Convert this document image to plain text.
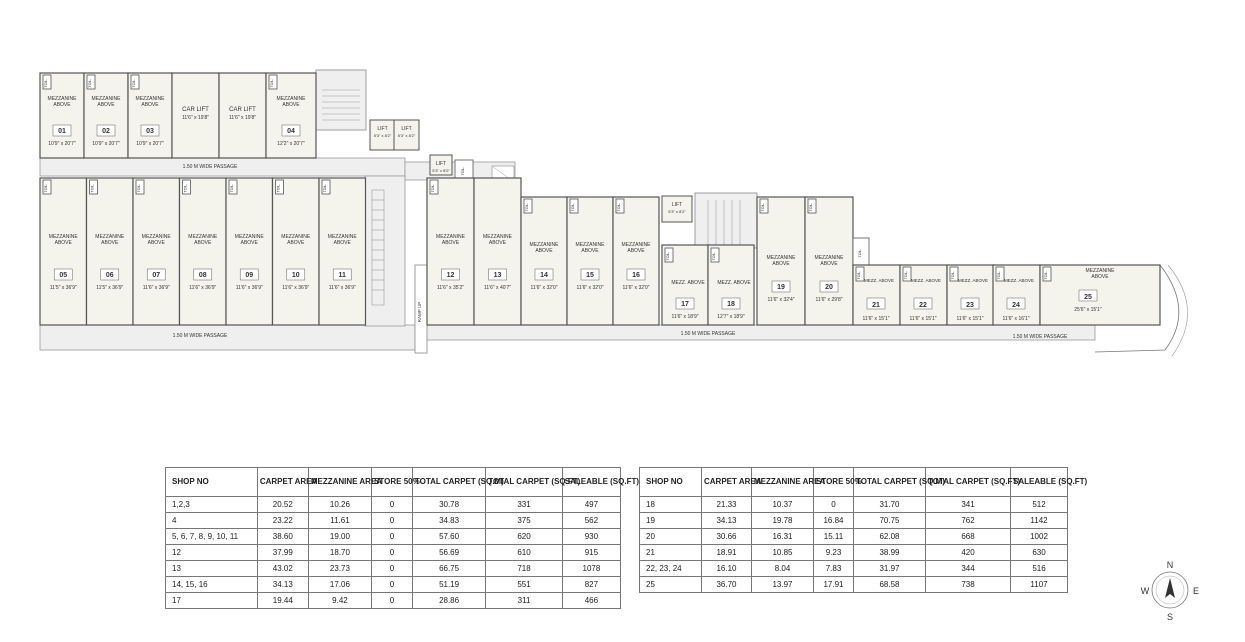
TOIL.	TOIL.	TOIL.	TOIL.
TOIL.
TOIL.	TOIL.	TOIL.	TOIL.	TOIL.	TOIL.	TOIL.	TOIL.
TOIL.	TOIL.	TOIL.
TOIL.	TOIL.
TOIL.	TOIL.
TOIL.
TOIL.	TOIL.	TOIL.	TOIL.	TOIL.
MEZZANINE ABOVE
01
10'9" x 20'7"
MEZZANINE ABOVE
02
10'9" x 20'7"
MEZZANINE ABOVE
03
10'9" x 20'7"
CAR LIFT
11'6" x 19'8"
CAR LIFT
11'6" x 19'8"
MEZZANINE ABOVE
04
12'2" x 20'7"
LIFT
5'3" x 8'2"
LIFT
5'3" x 8'2"
LIFT
5'3" x 8'0"
LIFT
5'3" x 8'2"
MEZZANINE ABOVE
05
11'5" x 36'9"
MEZZANINE ABOVE
06
11'5" x 36'9"
MEZZANINE ABOVE
07
11'6" x 36'9"
MEZZANINE ABOVE
08
11'6" x 36'9"
MEZZANINE ABOVE
09
11'6" x 36'9"
MEZZANINE ABOVE
10
11'6" x 36'9"
MEZZANINE ABOVE
11
11'6" x 36'9"
MEZZANINE ABOVE
12
11'6" x 35'2"
MEZZANINE ABOVE
13
11'6" x 40'7"
MEZZANINE ABOVE
14
11'6" x 32'0"
MEZZANINE ABOVE
15
11'6" x 32'0"
MEZZANINE ABOVE
16
11'6" x 32'0"
MEZZ. ABOVE
17
11'6" x 18'9"
MEZZ. ABOVE
18
12'7" x 18'9"
MEZZANINE ABOVE
19
11'6" x 32'4"
MEZZANINE ABOVE
20
11'6" x 29'8"
MEZZ. ABOVE
21
11'6" x 15'1"
MEZZ. ABOVE
22
11'6" x 15'1"
MEZZ. ABOVE
23
11'6" x 15'1"
MEZZ. ABOVE
24
11'6" x 16'1"
MEZZANINE ABOVE
25
25'6" x 15'1"
1.50 M WIDE PASSAGE
1.50 M WIDE PASSAGE	1.50 M WIDE PASSAGE	1.50 M WIDE PASSAGE
RAMP UP
SHOP NO	CARPET AREA	MEZZANINE AREA	STORE 50%	TOTAL CARPET (SQ.M)	TOTAL CARPET (SQ.FT)	SALEABLE (SQ.FT)
1,2,3	20.52	10.26	0	30.78	331	497
4	23.22	11.61	0	34.83	375	562
5, 6, 7, 8, 9, 10, 11	38.60	19.00	0	57.60	620	930
12	37.99	18.70	0	56.69	610	915
13	43.02	23.73	0	66.75	718	1078
14, 15, 16	34.13	17.06	0	51.19	551	827
17	19.44	9.42	0	28.86	311	466
SHOP NO	CARPET AREA	MEZZANINE AREA	STORE 50%	TOTAL CARPET (SQ.M)	TOTAL CARPET (SQ.FT)	SALEABLE (SQ.FT)
18	21.33	10.37	0	31.70	341	512
19	34.13	19.78	16.84	70.75	762	1142
20	30.66	16.31	15.11	62.08	668	1002
21	18.91	10.85	9.23	38.99	420	630
22, 23, 24	16.10	8.04	7.83	31.97	344	516
25	36.70	13.97	17.91	68.58	738	1107
N
S
E
W
